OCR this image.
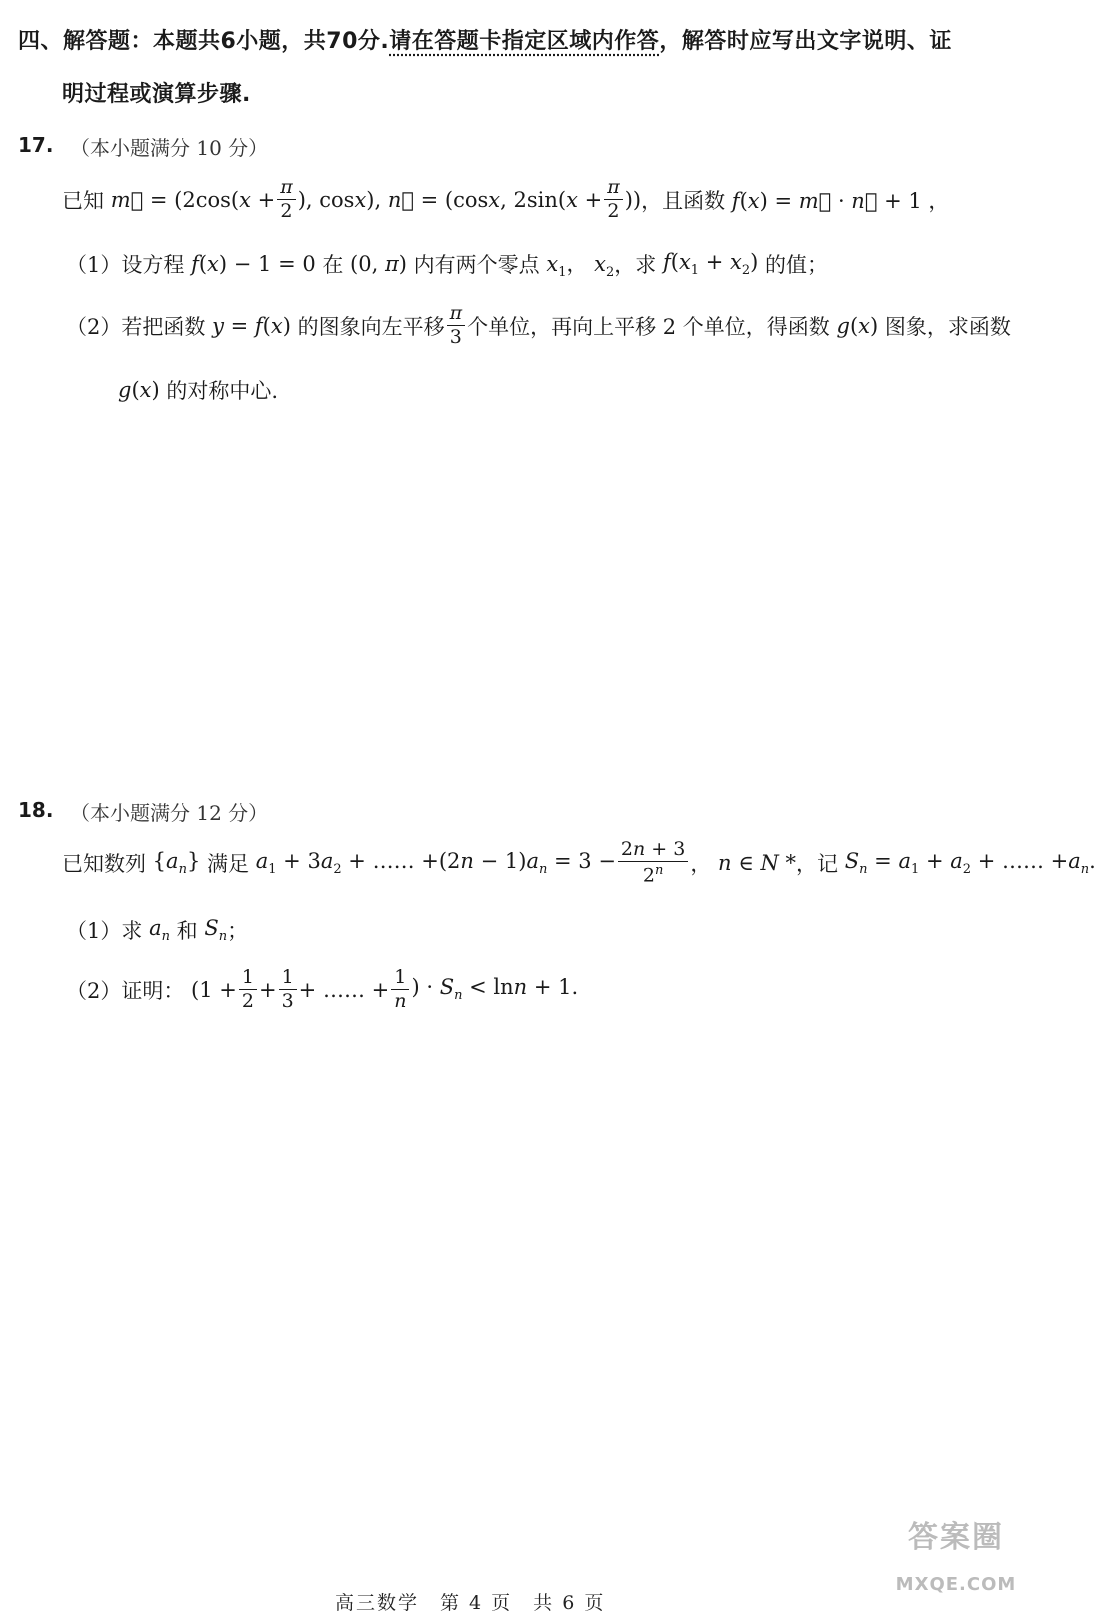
四、解答题：本题共6小题，共70分.请在答题卡指定区域内作答，解答时应写出文字说明、证
明过程或演算步骤.
17. （本小题满分 10 分）
已知 m⃗ = ($2\cos(x + \frac{\pi}{2}$ ), cosx), n⃗ = (cosx, $2\sin(x + \frac{\pi}{2}$ )) ，且函数 f(x) = m⃗ · n⃗ + 1 ，
（1）设方程 f(x) − 1 = 0 在 (0, π) 内有两个零点 $x_1$， $x_2$ ，求 $f(x_1 + x_2)$ 的值；
（2）若把函数 y = f(x) 的图象向左平移 $\frac{\pi}{3}$ 个单位，再向上平移 2 个单位，得函数 g(x) 图象，求函数
g(x) 的对称中心.
18. （本小题满分 12 分）
已知数列 $\{a_n\}$ 满足 $a_1 + 3a_2$ + …… $+(2n - 1)a_n = 3 - \frac{2n + 3}{2^n}$ ， n ∈ N * ，记 $S_n = a_1 + a_2$ + …… $+a_n$.
（1）求 $a_n$ 和 $S_n$ ；
（2）证明： ($1 + \frac{1}{2} + \frac{1}{3}$ + …… + $\frac{1}{n}$ ) · $S_n < \ln n + 1$.
高三数学　第 4 页　共 6 页
答案圈
MXQE.COM
